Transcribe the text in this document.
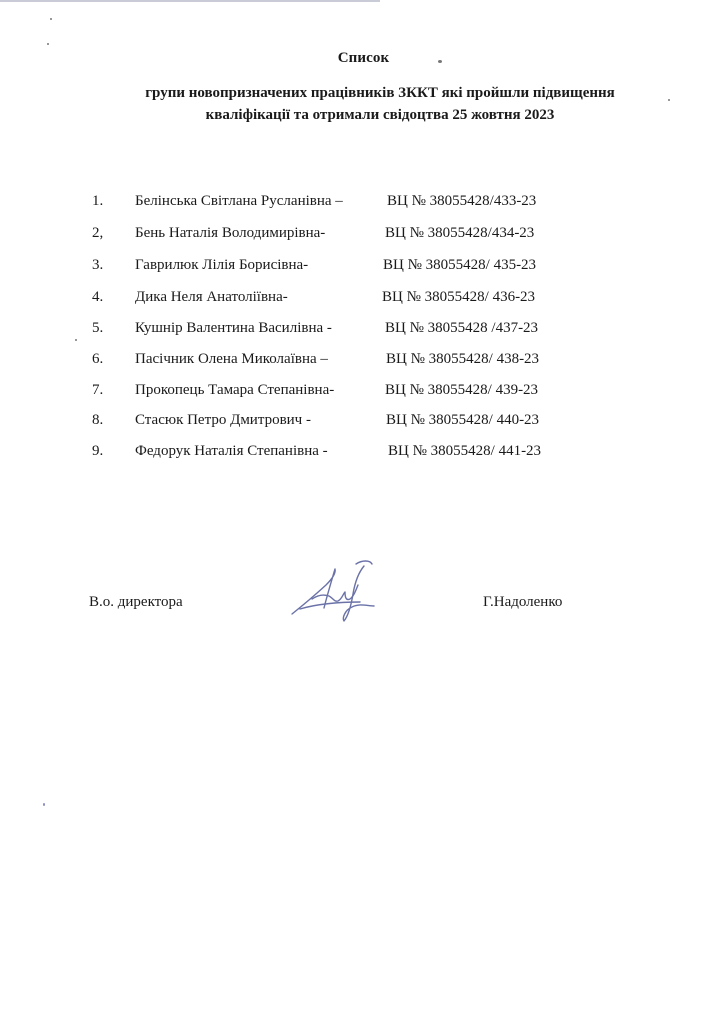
Список
групи новопризначених працівників ЗККТ які пройшли підвищення
кваліфікації та отримали свідоцтва 25 жовтня 2023
1. Белінська Світлана Русланівна –	ВЦ № 38055428/433-23
2, Бень Наталія Володимирівна-	ВЦ № 38055428/434-23
3. Гаврилюк Лілія Борисівна-	ВЦ № 38055428/ 435-23
4. Дика Неля Анатоліївна-	ВЦ № 38055428/ 436-23
5. Кушнір Валентина Василівна -	ВЦ № 38055428 /437-23
6. Пасічник Олена Миколаївна –	ВЦ № 38055428/ 438-23
7. Прокопець Тамара Степанівна-	ВЦ № 38055428/ 439-23
8. Стасюк Петро Дмитрович -	ВЦ № 38055428/ 440-23
9. Федорук Наталія Степанівна -	ВЦ № 38055428/ 441-23
В.о. директора	Г.Надоленко
